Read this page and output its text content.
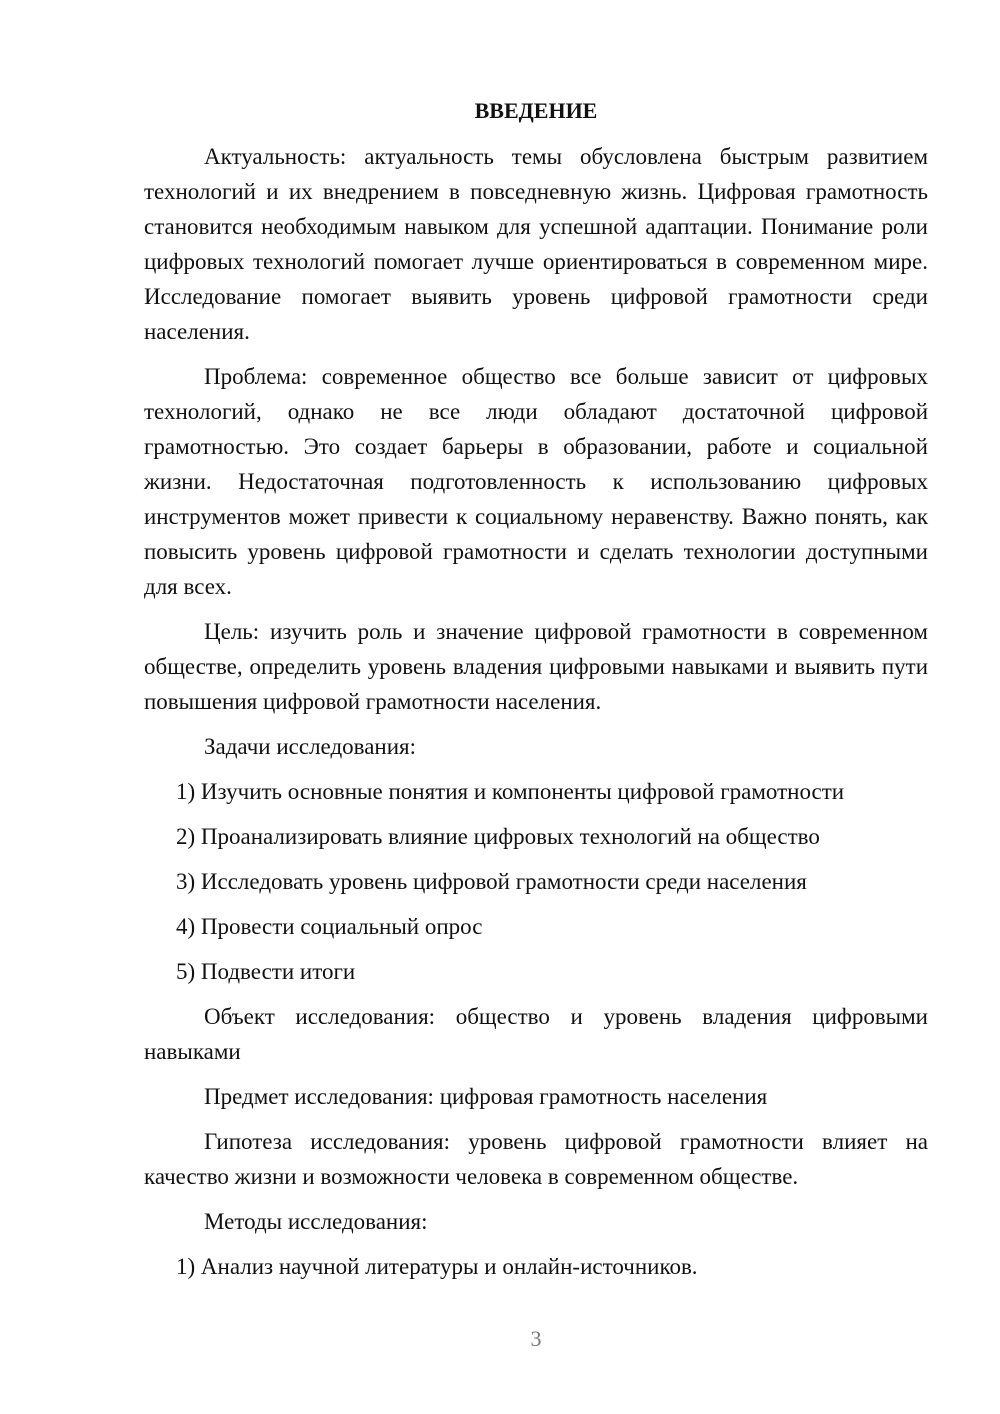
ВВЕДЕНИЕ

Актуальность: актуальность темы обусловлена быстрым развитием технологий и их внедрением в повседневную жизнь. Цифровая грамотность становится необходимым навыком для успешной адаптации. Понимание роли цифровых технологий помогает лучше ориентироваться в современном мире. Исследование помогает выявить уровень цифровой грамотности среди населения.

Проблема: современное общество все больше зависит от цифровых технологий, однако не все люди обладают достаточной цифровой грамотностью. Это создает барьеры в образовании, работе и социальной жизни. Недостаточная подготовленность к использованию цифровых инструментов может привести к социальному неравенству. Важно понять, как повысить уровень цифровой грамотности и сделать технологии доступными для всех.

Цель: изучить роль и значение цифровой грамотности в современном обществе, определить уровень владения цифровыми навыками и выявить пути повышения цифровой грамотности населения.

Задачи исследования:

1) Изучить основные понятия и компоненты цифровой грамотности

2) Проанализировать влияние цифровых технологий на общество

3) Исследовать уровень цифровой грамотности среди населения

4) Провести социальный опрос

5) Подвести итоги

Объект исследования: общество и уровень владения цифровыми навыками

Предмет исследования: цифровая грамотность населения

Гипотеза исследования: уровень цифровой грамотности влияет на качество жизни и возможности человека в современном обществе.

Методы исследования:

1) Анализ научной литературы и онлайн-источников.

3
